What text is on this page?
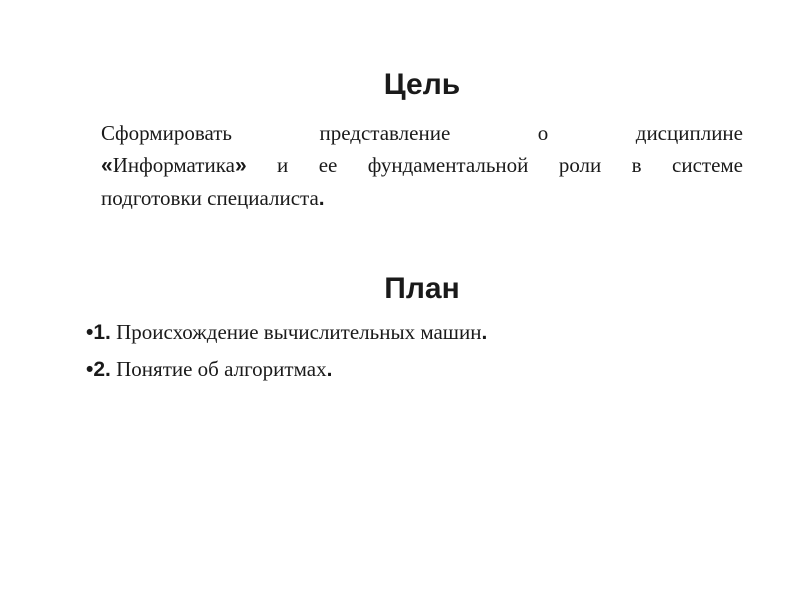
Цель
Сформировать представление о дисциплине
«Информатика» и ее фундаментальной роли в системе
подготовки специалиста.
План
•1. Происхождение вычислительных машин.
•2. Понятие об алгоритмах.
